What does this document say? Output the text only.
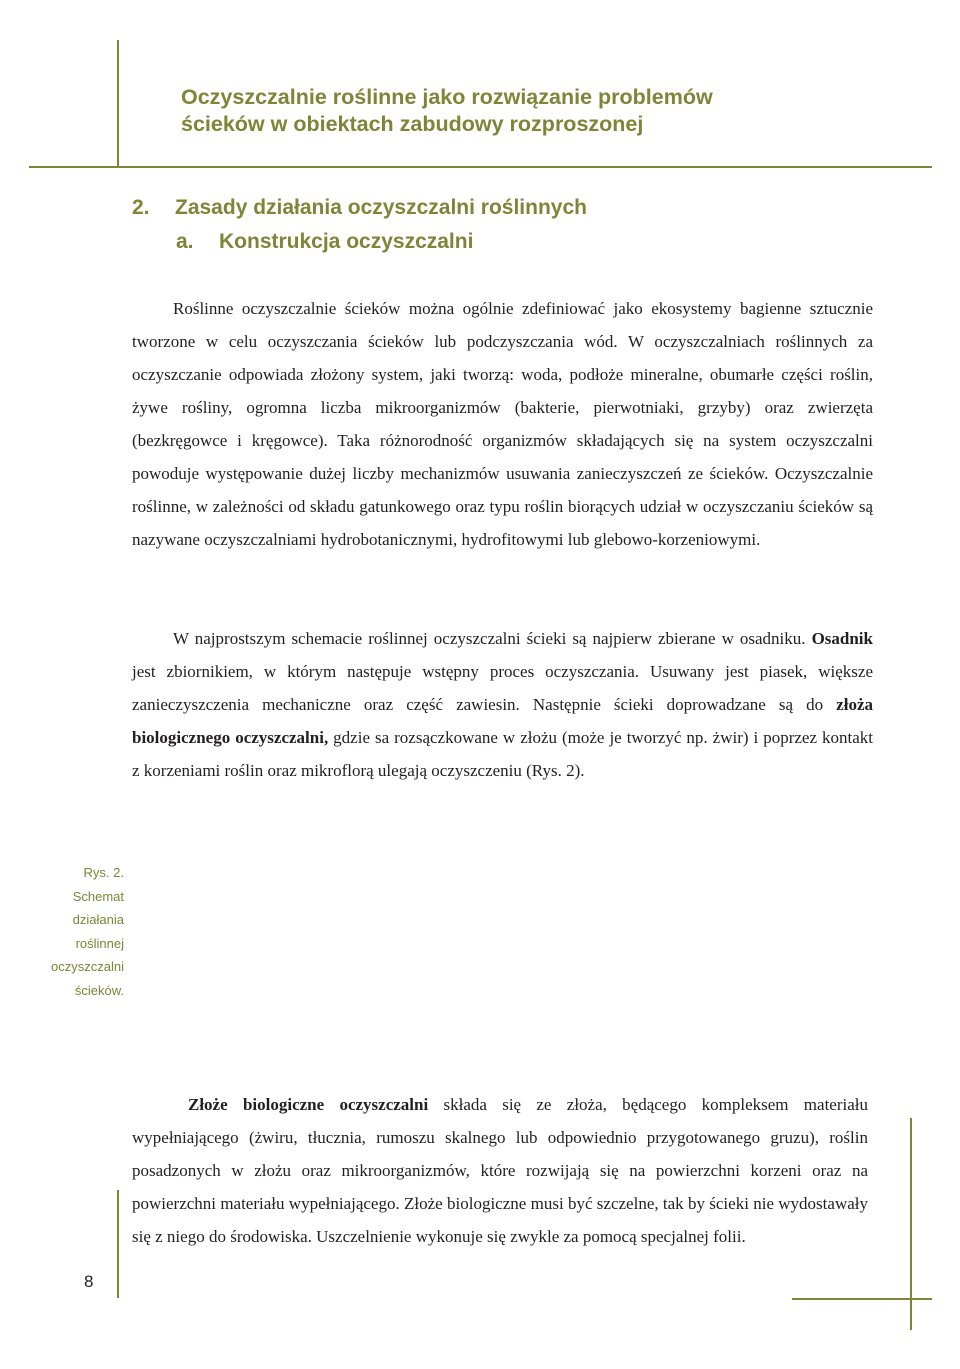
Oczyszczalnie roślinne jako rozwiązanie problemów
ścieków w obiektach zabudowy rozproszonej
2. Zasady działania oczyszczalni roślinnych
a. Konstrukcja oczyszczalni

Roślinne oczyszczalnie ścieków można ogólnie zdefiniować jako ekosystemy bagienne sztucznie tworzone w celu oczyszczania ścieków lub podczyszczania wód. W oczyszczalniach roślinnych za oczyszczanie odpowiada złożony system, jaki tworzą: woda, podłoże mineralne, obumarłe części roślin, żywe rośliny, ogromna liczba mikroorganizmów (bakterie, pierwotniaki, grzyby) oraz zwierzęta (bezkręgowce i kręgowce). Taka różnorodność organizmów składających się na system oczyszczalni powoduje występowanie dużej liczby mechanizmów usuwania zanieczyszczeń ze ścieków. Oczyszczalnie roślinne, w zależności od składu gatunkowego oraz typu roślin biorących udział w oczyszczaniu ścieków są nazywane oczyszczalniami hydrobotanicznymi, hydrofitowymi lub glebowo-korzeniowymi.

W najprostszym schemacie roślinnej oczyszczalni ścieki są najpierw zbierane w osadniku. Osadnik jest zbiornikiem, w którym następuje wstępny proces oczyszczania. Usuwany jest piasek, większe zanieczyszczenia mechaniczne oraz część zawiesin. Następnie ścieki doprowadzane są do złoża biologicznego oczyszczalni, gdzie sa rozsączkowane w złożu (może je tworzyć np. żwir) i poprzez kontakt z korzeniami roślin oraz mikroflorą ulegają oczyszczeniu (Rys. 2).

Rys. 2.
Schemat
działania
roślinnej
oczyszczalni
ścieków.

Złoże biologiczne oczyszczalni składa się ze złoża, będącego kompleksem materiału wypełniającego (żwiru, tłucznia, rumoszu skalnego lub odpowiednio przygotowanego gruzu), roślin posadzonych w złożu oraz mikroorganizmów, które rozwijają się na powierzchni korzeni oraz na powierzchni materiału wypełniającego. Złoże biologiczne musi być szczelne, tak by ścieki nie wydostawały się z niego do środowiska. Uszczelnienie wykonuje się zwykle za pomocą specjalnej folii.

8
